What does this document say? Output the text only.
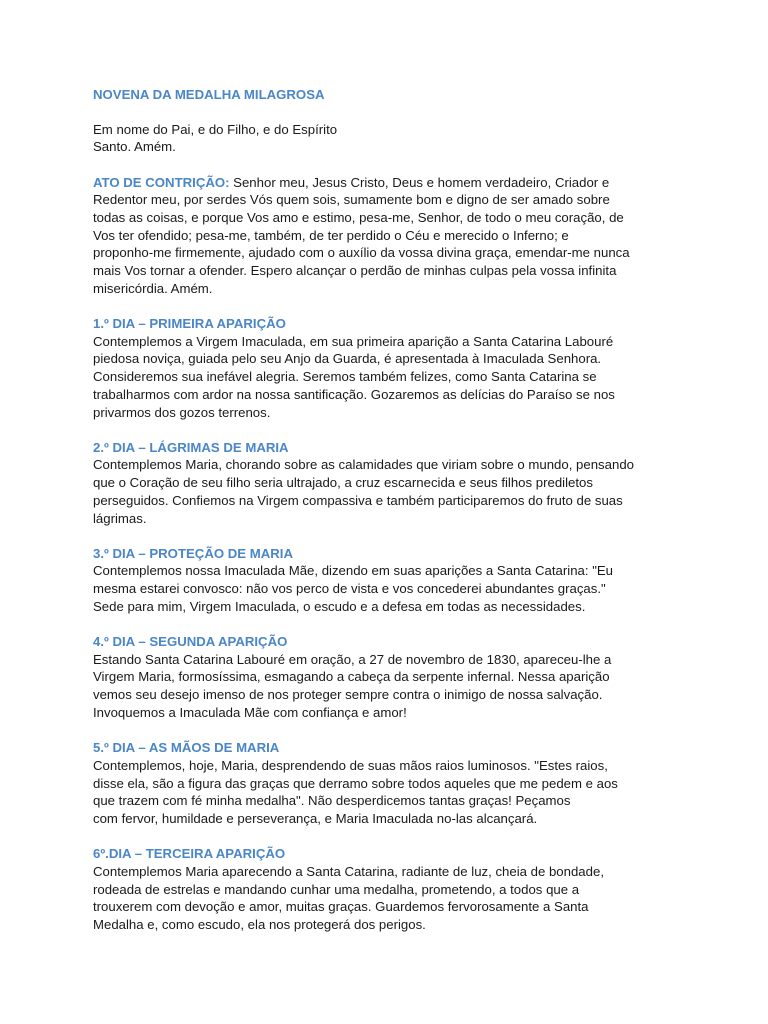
NOVENA DA MEDALHA MILAGROSA
Em nome do Pai, e do Filho, e do Espírito
Santo. Amém.
ATO DE CONTRIÇÃO: Senhor meu, Jesus Cristo, Deus e homem verdadeiro, Criador e
Redentor meu, por serdes Vós quem sois, sumamente bom e digno de ser amado sobre
todas as coisas, e porque Vos amo e estimo, pesa-me, Senhor, de todo o meu coração, de
Vos ter ofendido; pesa-me, também, de ter perdido o Céu e merecido o Inferno; e
proponho-me firmemente, ajudado com o auxílio da vossa divina graça, emendar-me nunca
mais Vos tornar a ofender. Espero alcançar o perdão de minhas culpas pela vossa infinita
misericórdia. Amém.
1.º DIA – PRIMEIRA APARIÇÃO
Contemplemos a Virgem Imaculada, em sua primeira aparição a Santa Catarina Labouré
piedosa noviça, guiada pelo seu Anjo da Guarda, é apresentada à Imaculada Senhora.
Consideremos sua inefável alegria. Seremos também felizes, como Santa Catarina se
trabalharmos com ardor na nossa santificação. Gozaremos as delícias do Paraíso se nos
privarmos dos gozos terrenos.
2.º DIA – LÁGRIMAS DE MARIA
Contemplemos Maria, chorando sobre as calamidades que viriam sobre o mundo, pensando
que o Coração de seu filho seria ultrajado, a cruz escarnecida e seus filhos prediletos
perseguidos. Confiemos na Virgem compassiva e também participaremos do fruto de suas
lágrimas.
3.º DIA – PROTEÇÃO DE MARIA
Contemplemos nossa Imaculada Mãe, dizendo em suas aparições a Santa Catarina: "Eu
mesma estarei convosco: não vos perco de vista e vos concederei abundantes graças."
Sede para mim, Virgem Imaculada, o escudo e a defesa em todas as necessidades.
4.º DIA – SEGUNDA APARIÇÃO
Estando Santa Catarina Labouré em oração, a 27 de novembro de 1830, apareceu-lhe a
Virgem Maria, formosíssima, esmagando a cabeça da serpente infernal. Nessa aparição
vemos seu desejo imenso de nos proteger sempre contra o inimigo de nossa salvação.
Invoquemos a Imaculada Mãe com confiança e amor!
5.º DIA – AS MÃOS DE MARIA
Contemplemos, hoje, Maria, desprendendo de suas mãos raios luminosos. "Estes raios,
disse ela, são a figura das graças que derramo sobre todos aqueles que me pedem e aos
que trazem com fé minha medalha". Não desperdicemos tantas graças! Peçamos
com fervor, humildade e perseverança, e Maria Imaculada no-las alcançará.
6º.DIA – TERCEIRA APARIÇÃO
Contemplemos Maria aparecendo a Santa Catarina, radiante de luz, cheia de bondade,
rodeada de estrelas e mandando cunhar uma medalha, prometendo, a todos que a
trouxerem com devoção e amor, muitas graças. Guardemos fervorosamente a Santa
Medalha e, como escudo, ela nos protegerá dos perigos.
